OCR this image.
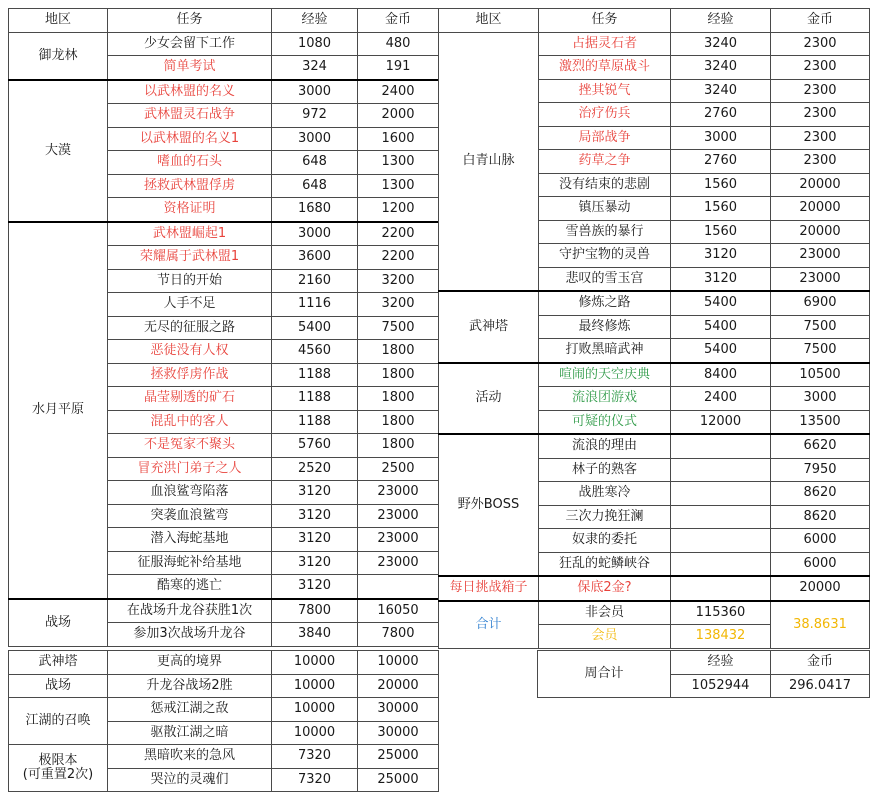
地区	任务	经验	金币
御龙林	少女会留下工作	1080	480
	简单考试	324	191
大漠	以武林盟的名义	3000	2400
	武林盟灵石战争	972	2000
	以武林盟的名义1	3000	1600
	嗜血的石头	648	1300
	拯救武林盟俘虏	648	1300
	资格证明	1680	1200
水月平原	武林盟崛起1	3000	2200
	荣耀属于武林盟1	3600	2200
	节日的开始	2160	3200
	人手不足	1116	3200
	无尽的征服之路	5400	7500
	恶徒没有人权	4560	1800
	拯救俘虏作战	1188	1800
	晶莹剔透的矿石	1188	1800
	混乱中的客人	1188	1800
	不是冤家不聚头	5760	1800
	冒充洪门弟子之人	2520	2500
	血浪鲨弯陷落	3120	23000
	突袭血浪鲨弯	3120	23000
	潜入海蛇基地	3120	23000
	征服海蛇补给基地	3120	23000
	酷寒的逃亡	3120	
战场	在战场升龙谷获胜1次	7800	16050
	参加3次战场升龙谷	3840	7800
地区	任务	经验	金币
白青山脉	占据灵石者	3240	2300
	激烈的草原战斗	3240	2300
	挫其锐气	3240	2300
	治疗伤兵	2760	2300
	局部战争	3000	2300
	药草之争	2760	2300
	没有结束的悲剧	1560	20000
	镇压暴动	1560	20000
	雪兽族的暴行	1560	20000
	守护宝物的灵兽	3120	23000
	悲叹的雪玉宫	3120	23000
武神塔	修炼之路	5400	6900
	最终修炼	5400	7500
	打败黑暗武神	5400	7500
活动	喧闹的天空庆典	8400	10500
	流浪团游戏	2400	3000
	可疑的仪式	12000	13500
野外BOSS	流浪的理由		6620
	林子的熟客		7950
	战胜寒冷		8620
	三次力挽狂澜		8620
	奴隶的委托		6000
	狂乱的蛇鳞峡谷		6000
每日挑战箱子	保底2金?		20000
合计	非会员	115360	38.8631
	会员	138432	
武神塔	更高的境界	10000	10000
战场	升龙谷战场2胜	10000	20000
江湖的召唤	惩戒江湖之敌	10000	30000
	驱散江湖之暗	10000	30000
极限本
(可重置2次)	黑暗吹来的急风	7320	25000
	哭泣的灵魂们	7320	25000
周合计	经验	金币
	1052944	296.0417
